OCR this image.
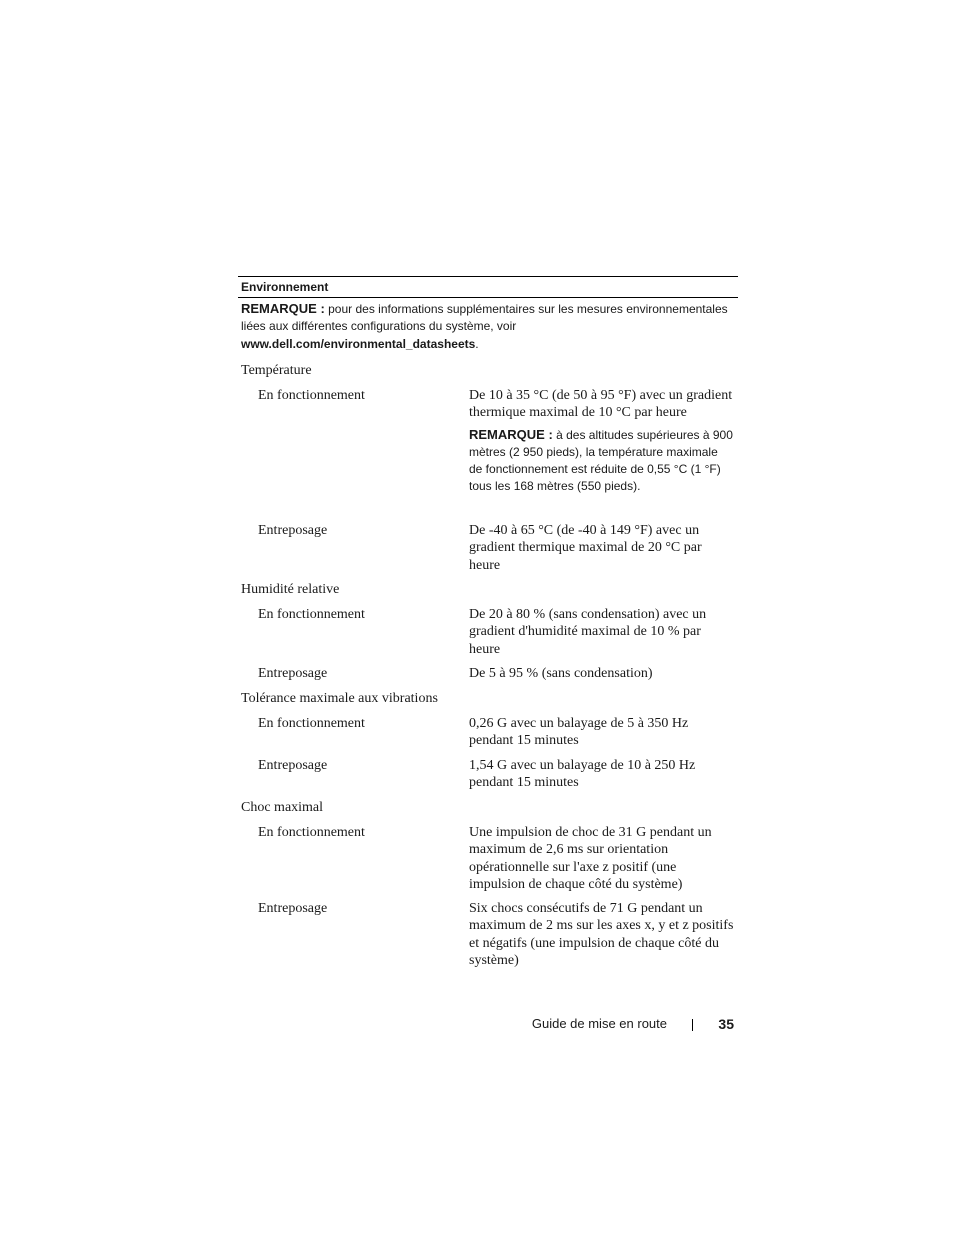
Environnement
REMARQUE : pour des informations supplémentaires sur les mesures environnementales liées aux différentes configurations du système, voir www.dell.com/environmental_datasheets.
Température
En fonctionnement	De 10 à 35 °C (de 50 à 95 °F) avec un gradient thermique maximal de 10 °C par heure
REMARQUE : à des altitudes supérieures à 900 mètres (2 950 pieds), la température maximale de fonctionnement est réduite de 0,55 °C (1 °F) tous les 168 mètres (550 pieds).
Entreposage	De -40 à 65 °C (de -40 à 149 °F) avec un gradient thermique maximal de 20 °C par heure
Humidité relative
En fonctionnement	De 20 à 80 % (sans condensation) avec un gradient d'humidité maximal de 10 % par heure
Entreposage	De 5 à 95 % (sans condensation)
Tolérance maximale aux vibrations
En fonctionnement	0,26 G avec un balayage de 5 à 350 Hz pendant 15 minutes
Entreposage	1,54 G avec un balayage de 10 à 250 Hz pendant 15 minutes
Choc maximal
En fonctionnement	Une impulsion de choc de 31 G pendant un maximum de 2,6 ms sur orientation opérationnelle sur l'axe z positif (une impulsion de chaque côté du système)
Entreposage	Six chocs consécutifs de 71 G pendant un maximum de 2 ms sur les axes x, y et z positifs et négatifs (une impulsion de chaque côté du système)
Guide de mise en route	35
